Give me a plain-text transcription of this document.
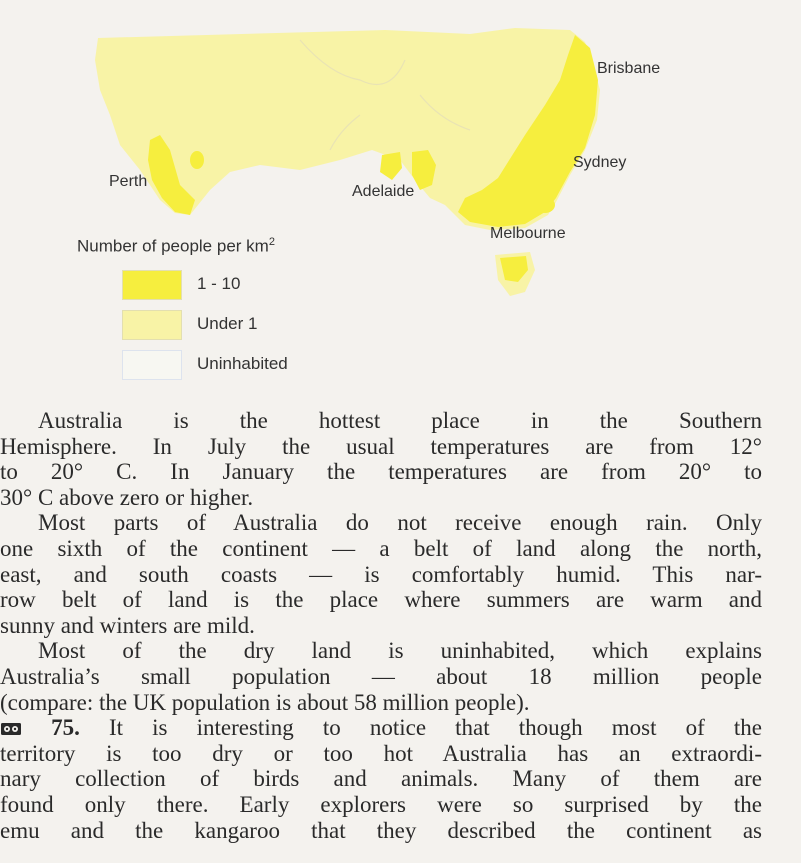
Brisbane
Perth
Sydney
Adelaide
Melbourne
Number of people per $km^2$
1 - 10
Under 1
Uninhabited

Australia is the hottest place in the Southern

Hemisphere. In July the usual temperatures are from 12°

to 20° C. In January the temperatures are from 20° to

30° C above zero or higher.

Most parts of Australia do not receive enough rain. Only

one sixth of the continent — a belt of land along the north,

east, and south coasts — is comfortably humid. This nar-

row belt of land is the place where summers are warm and

sunny and winters are mild.

Most of the dry land is uninhabited, which explains

Australia’s small population — about 18 million people

(compare: the UK population is about 58 million people).

75. It is interesting to notice that though most of the

territory is too dry or too hot Australia has an extraordi-

nary collection of birds and animals. Many of them are

found only there. Early explorers were so surprised by the

emu and the kangaroo that they described the continent as
